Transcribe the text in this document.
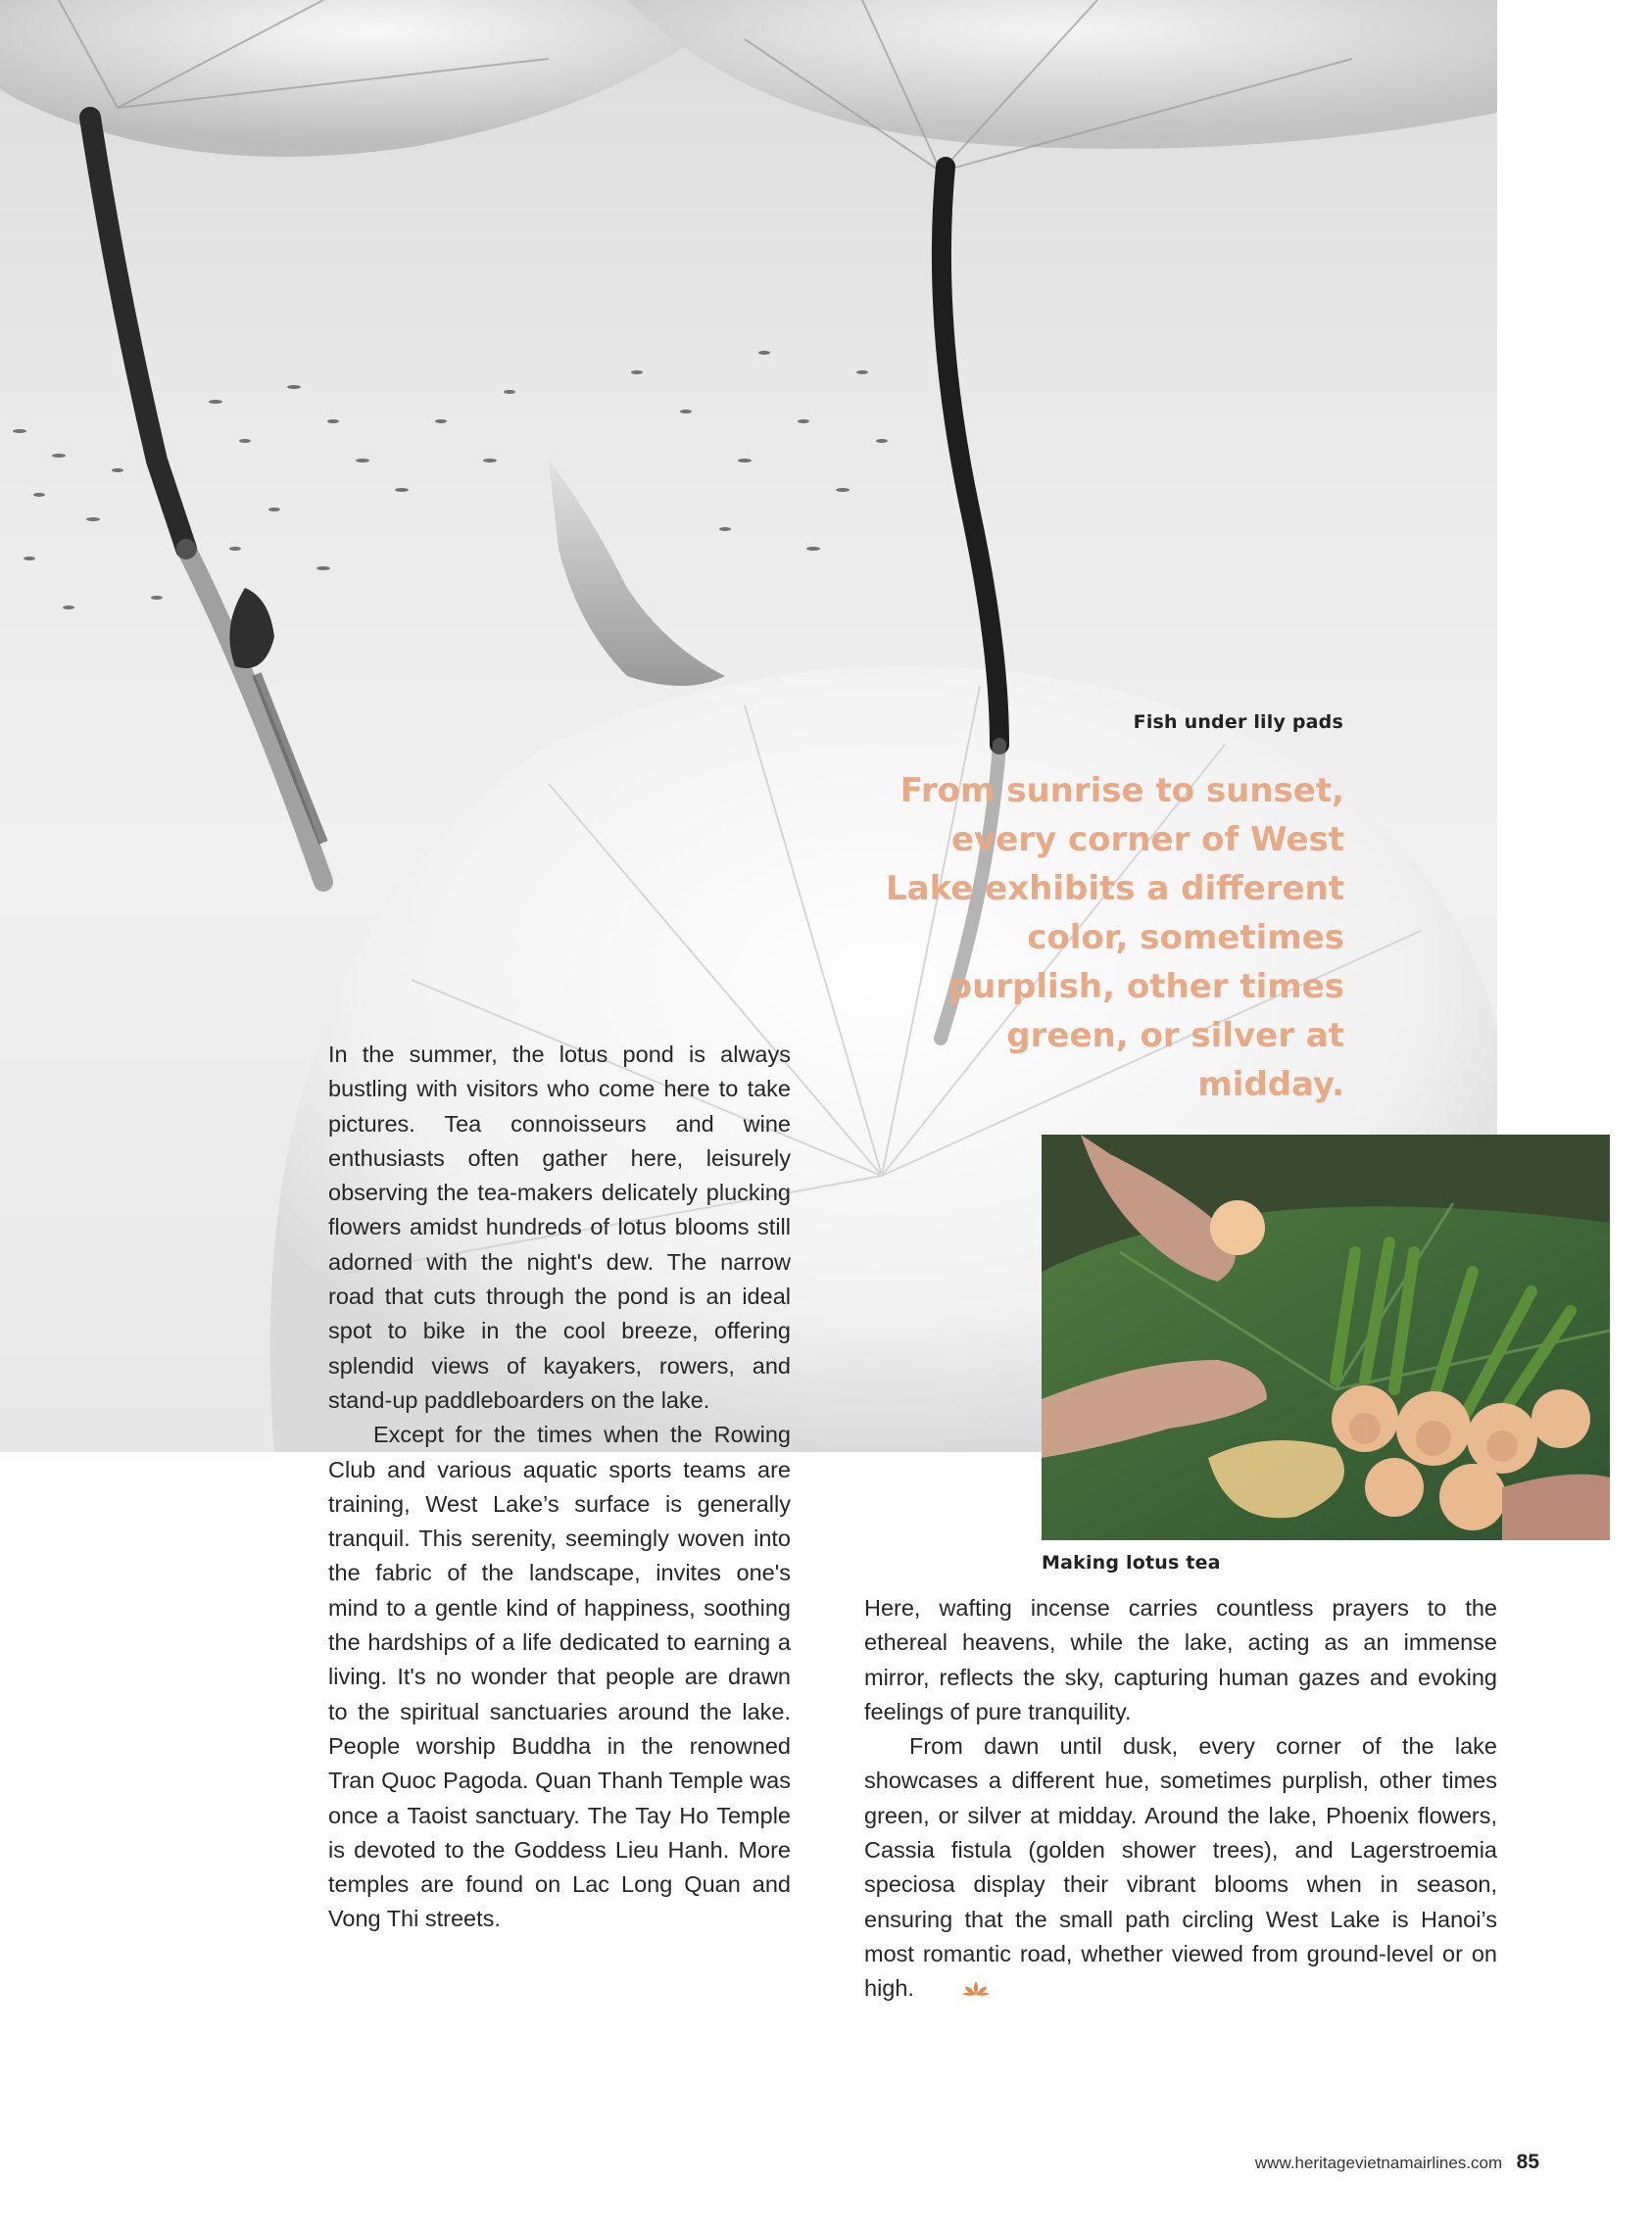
Fish under lily pads
From sunrise to sunset, every corner of West Lake exhibits a different color, sometimes purplish, other times green, or silver at midday.

In the summer, the lotus pond is always bustling with visitors who come here to take pictures. Tea connoisseurs and wine enthusiasts often gather here, leisurely observing the tea-makers delicately plucking flowers amidst hundreds of lotus blooms still adorned with the night's dew. The narrow road that cuts through the pond is an ideal spot to bike in the cool breeze, offering splendid views of kayakers, rowers, and stand-up paddleboarders on the lake.

Except for the times when the Rowing Club and various aquatic sports teams are training, West Lake’s surface is generally tranquil. This serenity, seemingly woven into the fabric of the landscape, invites one's mind to a gentle kind of happiness, soothing the hardships of a life dedicated to earning a living. It's no wonder that people are drawn to the spiritual sanctuaries around the lake. People worship Buddha in the renowned Tran Quoc Pagoda. Quan Thanh Temple was once a Taoist sanctuary. The Tay Ho Temple is devoted to the Goddess Lieu Hanh. More temples are found on Lac Long Quan and Vong Thi streets.

Making lotus tea

Here, wafting incense carries countless prayers to the ethereal heavens, while the lake, acting as an immense mirror, reflects the sky, capturing human gazes and evoking feelings of pure tranquility.

From dawn until dusk, every corner of the lake showcases a different hue, sometimes purplish, other times green, or silver at midday. Around the lake, Phoenix flowers, Cassia fistula (golden shower trees), and Lagerstroemia speciosa display their vibrant blooms when in season, ensuring that the small path circling West Lake is Hanoi’s most romantic road, whether viewed from ground-level or on high.

www.heritagevietnamairlines.com 85
